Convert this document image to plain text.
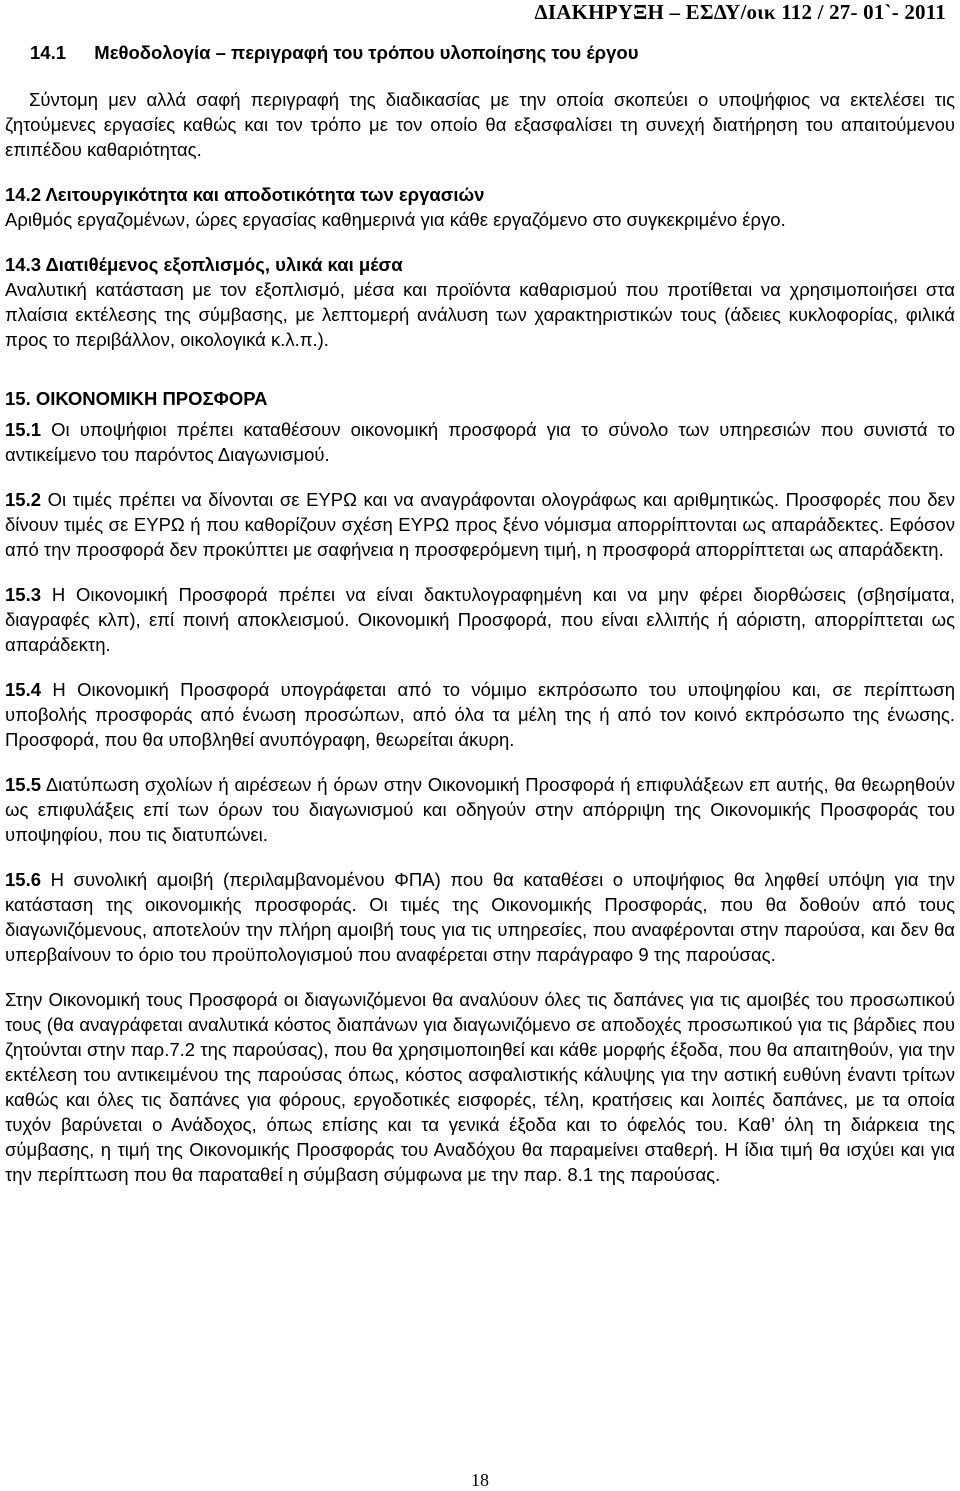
ΔΙΑΚΗΡΥΞΗ – ΕΣΔΥ/οικ 112 / 27- 01`- 2011

14.1 Μεθοδολογία – περιγραφή του τρόπου υλοποίησης του έργου

Σύντομη μεν αλλά σαφή περιγραφή της διαδικασίας με την οποία σκοπεύει ο υποψήφιος να εκτελέσει τις ζητούμενες εργασίες καθώς και τον τρόπο με τον οποίο θα εξασφαλίσει τη συνεχή διατήρηση του απαιτούμενου επιπέδου καθαριότητας.

14.2 Λειτουργικότητα και αποδοτικότητα των εργασιών

Αριθμός εργαζομένων, ώρες εργασίας καθημερινά για κάθε εργαζόμενο στο συγκεκριμένο έργο.

14.3 Διατιθέμενος εξοπλισμός, υλικά και μέσα

Αναλυτική κατάσταση με τον εξοπλισμό, μέσα και προϊόντα καθαρισμού που προτίθεται να χρησιμοποιήσει στα πλαίσια εκτέλεσης της σύμβασης, με λεπτομερή ανάλυση των χαρακτηριστικών τους (άδειες κυκλοφορίας, φιλικά προς το περιβάλλον, οικολογικά κ.λ.π.).

15. ΟΙΚΟΝΟΜΙΚΗ ΠΡΟΣΦΟΡΑ

15.1 Οι υποψήφιοι πρέπει καταθέσουν οικονομική προσφορά για το σύνολο των υπηρεσιών που συνιστά το αντικείμενο του παρόντος Διαγωνισμού.

15.2 Οι τιμές πρέπει να δίνονται σε ΕΥΡΩ και να αναγράφονται ολογράφως και αριθμητικώς. Προσφορές που δεν δίνουν τιμές σε ΕΥΡΩ ή που καθορίζουν σχέση ΕΥΡΩ προς ξένο νόμισμα απορρίπτονται ως απαράδεκτες. Εφόσον από την προσφορά δεν προκύπτει με σαφήνεια η προσφερόμενη τιμή, η προσφορά απορρίπτεται ως απαράδεκτη.

15.3 Η Οικονομική Προσφορά πρέπει να είναι δακτυλογραφημένη και να μην φέρει διορθώσεις (σβησίματα, διαγραφές κλπ), επί ποινή αποκλεισμού. Οικονομική Προσφορά, που είναι ελλιπής ή αόριστη, απορρίπτεται ως απαράδεκτη.

15.4 Η Οικονομική Προσφορά υπογράφεται από το νόμιμο εκπρόσωπο του υποψηφίου και, σε περίπτωση υποβολής προσφοράς από ένωση προσώπων, από όλα τα μέλη της ή από τον κοινό εκπρόσωπο της ένωσης. Προσφορά, που θα υποβληθεί ανυπόγραφη, θεωρείται άκυρη.

15.5 Διατύπωση σχολίων ή αιρέσεων ή όρων στην Οικονομική Προσφορά ή επιφυλάξεων επ αυτής, θα θεωρηθούν ως επιφυλάξεις επί των όρων του διαγωνισμού και οδηγούν στην απόρριψη της Οικονομικής Προσφοράς του υποψηφίου, που τις διατυπώνει.

15.6 Η συνολική αμοιβή (περιλαμβανομένου ΦΠΑ) που θα καταθέσει ο υποψήφιος θα ληφθεί υπόψη για την κατάσταση της οικονομικής προσφοράς. Οι τιμές της Οικονομικής Προσφοράς, που θα δοθούν από τους διαγωνιζόμενους, αποτελούν την πλήρη αμοιβή τους για τις υπηρεσίες, που αναφέρονται στην παρούσα, και δεν θα υπερβαίνουν το όριο του προϋπολογισμού που αναφέρεται στην παράγραφο 9 της παρούσας.

Στην Οικονομική τους Προσφορά οι διαγωνιζόμενοι θα αναλύουν όλες τις δαπάνες για τις αμοιβές του προσωπικού τους (θα αναγράφεται αναλυτικά κόστος διαπάνων για διαγωνιζόμενο σε αποδοχές προσωπικού για τις βάρδιες που ζητούνται στην παρ.7.2 της παρούσας), που θα χρησιμοποιηθεί και κάθε μορφής έξοδα, που θα απαιτηθούν, για την εκτέλεση του αντικειμένου της παρούσας όπως, κόστος ασφαλιστικής κάλυψης για την αστική ευθύνη έναντι τρίτων καθώς και όλες τις δαπάνες για φόρους, εργοδοτικές εισφορές, τέλη, κρατήσεις και λοιπές δαπάνες, με τα οποία τυχόν βαρύνεται ο Ανάδοχος, όπως επίσης και τα γενικά έξοδα και το όφελός του. Καθ’ όλη τη διάρκεια της σύμβασης, η τιμή της Οικονομικής Προσφοράς του Αναδόχου θα παραμείνει σταθερή. Η ίδια τιμή θα ισχύει και για την περίπτωση που θα παραταθεί η σύμβαση σύμφωνα με την παρ. 8.1 της παρούσας.

18
